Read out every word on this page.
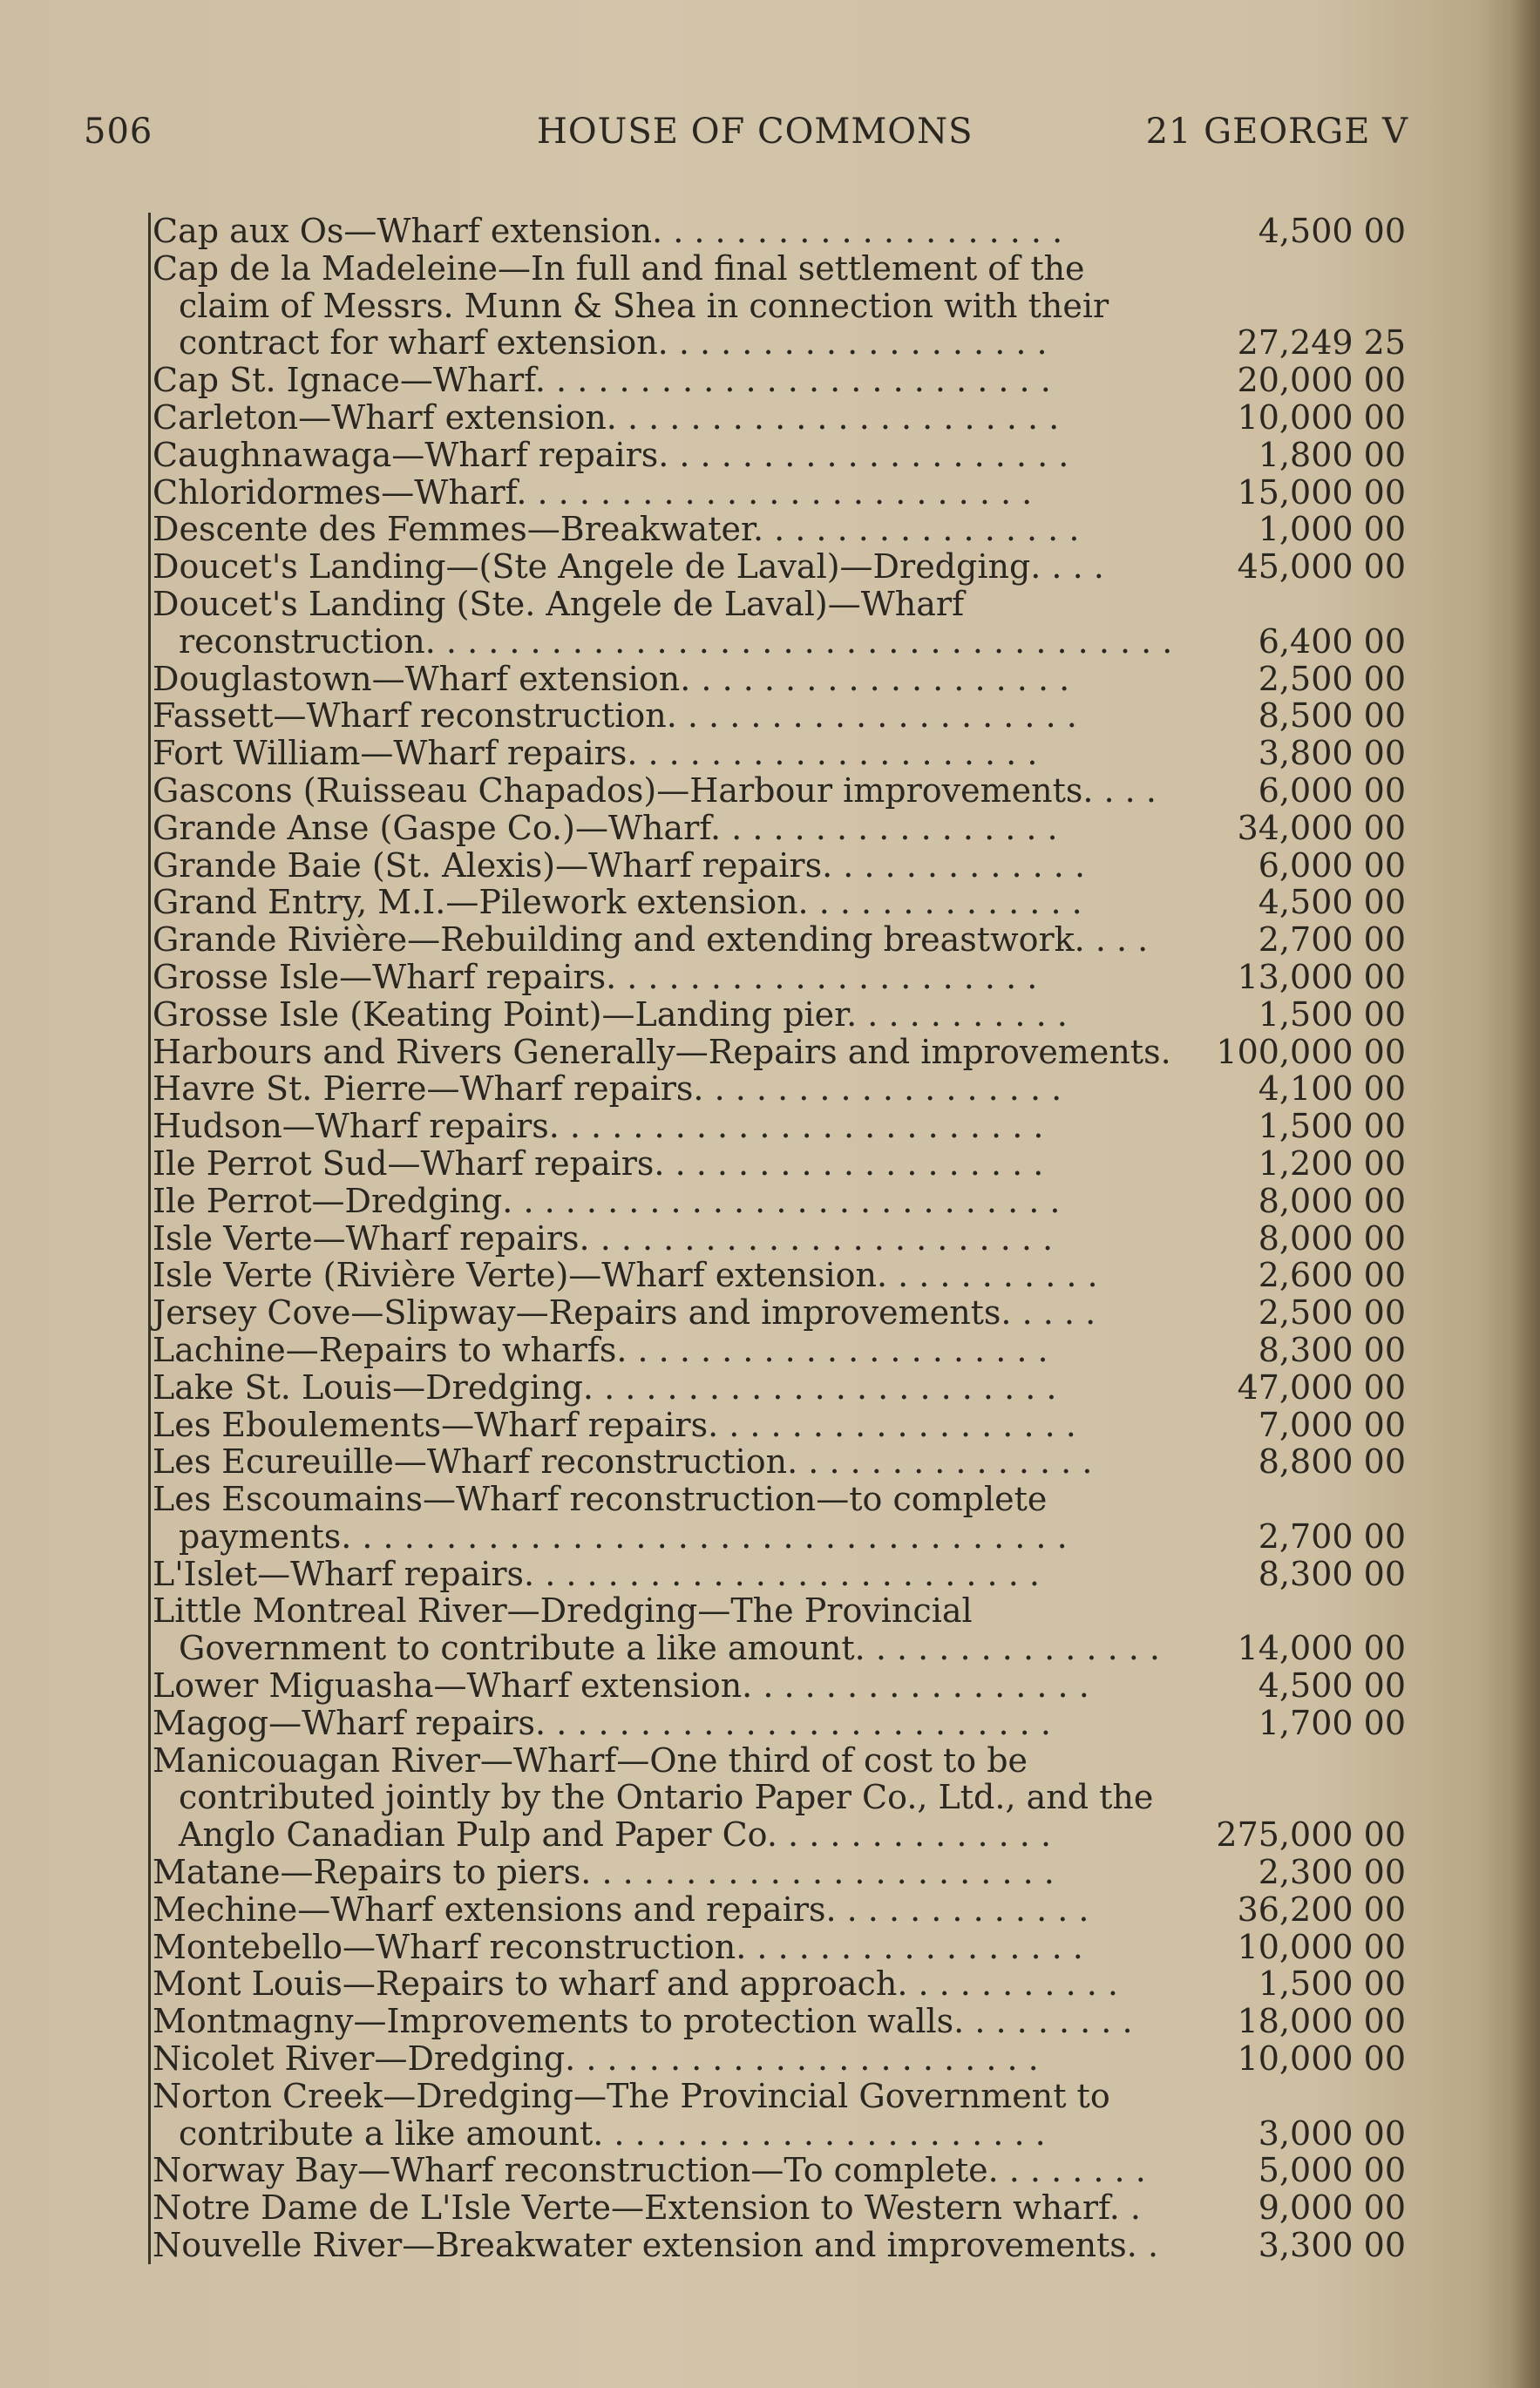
506	HOUSE OF COMMONS	21 GEORGE V
Cap aux Os—Wharf extension. . . . . . . . . . . . . . . . . . . .	4,500 00
Cap de la Madeleine—In full and final settlement of the claim of Messrs. Munn & Shea in connection with their contract for wharf extension. . . . . . . . . . . . . . . . . . .	27,249 25
Cap St. Ignace—Wharf. . . . . . . . . . . . . . . . . . . . . . . . .	20,000 00
Carleton—Wharf extension. . . . . . . . . . . . . . . . . . . . . .	10,000 00
Caughnawaga—Wharf repairs. . . . . . . . . . . . . . . . . . . .	1,800 00
Chloridormes—Wharf. . . . . . . . . . . . . . . . . . . . . . . . .	15,000 00
Descente des Femmes—Breakwater. . . . . . . . . . . . . . . .	1,000 00
Doucet's Landing—(Ste Angele de Laval)—Dredging. . . .	45,000 00
Doucet's Landing (Ste. Angele de Laval)—Wharf reconstruction. . . . . . . . . . . . . . . . . . . . . . . . . . . . . . . . . . . .	6,400 00
Douglastown—Wharf extension. . . . . . . . . . . . . . . . . . .	2,500 00
Fassett—Wharf reconstruction. . . . . . . . . . . . . . . . . . . .	8,500 00
Fort William—Wharf repairs. . . . . . . . . . . . . . . . . . . .	3,800 00
Gascons (Ruisseau Chapados)—Harbour improvements. . . .	6,000 00
Grande Anse (Gaspe Co.)—Wharf. . . . . . . . . . . . . . . . .	34,000 00
Grande Baie (St. Alexis)—Wharf repairs. . . . . . . . . . . . .	6,000 00
Grand Entry, M.I.—Pilework extension. . . . . . . . . . . . . .	4,500 00
Grande Rivière—Rebuilding and extending breastwork. . . .	2,700 00
Grosse Isle—Wharf repairs. . . . . . . . . . . . . . . . . . . . .	13,000 00
Grosse Isle (Keating Point)—Landing pier. . . . . . . . . . .	1,500 00
Harbours and Rivers Generally—Repairs and improvements.	100,000 00
Havre St. Pierre—Wharf repairs. . . . . . . . . . . . . . . . . .	4,100 00
Hudson—Wharf repairs. . . . . . . . . . . . . . . . . . . . . . . .	1,500 00
Ile Perrot Sud—Wharf repairs. . . . . . . . . . . . . . . . . . .	1,200 00
Ile Perrot—Dredging. . . . . . . . . . . . . . . . . . . . . . . . . . .	8,000 00
Isle Verte—Wharf repairs. . . . . . . . . . . . . . . . . . . . . . .	8,000 00
Isle Verte (Rivière Verte)—Wharf extension. . . . . . . . . . .	2,600 00
Jersey Cove—Slipway—Repairs and improvements. . . . .	2,500 00
Lachine—Repairs to wharfs. . . . . . . . . . . . . . . . . . . . .	8,300 00
Lake St. Louis—Dredging. . . . . . . . . . . . . . . . . . . . . . .	47,000 00
Les Eboulements—Wharf repairs. . . . . . . . . . . . . . . . . .	7,000 00
Les Ecureuille—Wharf reconstruction. . . . . . . . . . . . . . .	8,800 00
Les Escoumains—Wharf reconstruction—to complete payments. . . . . . . . . . . . . . . . . . . . . . . . . . . . . . . . . . .	2,700 00
L'Islet—Wharf repairs. . . . . . . . . . . . . . . . . . . . . . . . .	8,300 00
Little Montreal River—Dredging—The Provincial Government to contribute a like amount. . . . . . . . . . . . . . .	14,000 00
Lower Miguasha—Wharf extension. . . . . . . . . . . . . . . . .	4,500 00
Magog—Wharf repairs. . . . . . . . . . . . . . . . . . . . . . . . .	1,700 00
Manicouagan River—Wharf—One third of cost to be contributed jointly by the Ontario Paper Co., Ltd., and the Anglo Canadian Pulp and Paper Co. . . . . . . . . . . . . .	275,000 00
Matane—Repairs to piers. . . . . . . . . . . . . . . . . . . . . . .	2,300 00
Mechine—Wharf extensions and repairs. . . . . . . . . . . . .	36,200 00
Montebello—Wharf reconstruction. . . . . . . . . . . . . . . . .	10,000 00
Mont Louis—Repairs to wharf and approach. . . . . . . . . . .	1,500 00
Montmagny—Improvements to protection walls. . . . . . . . .	18,000 00
Nicolet River—Dredging. . . . . . . . . . . . . . . . . . . . . . .	10,000 00
Norton Creek—Dredging—The Provincial Government to contribute a like amount. . . . . . . . . . . . . . . . . . . . . .	3,000 00
Norway Bay—Wharf reconstruction—To complete. . . . . . . .	5,000 00
Notre Dame de L'Isle Verte—Extension to Western wharf. .	9,000 00
Nouvelle River—Breakwater extension and improvements. .	3,300 00
